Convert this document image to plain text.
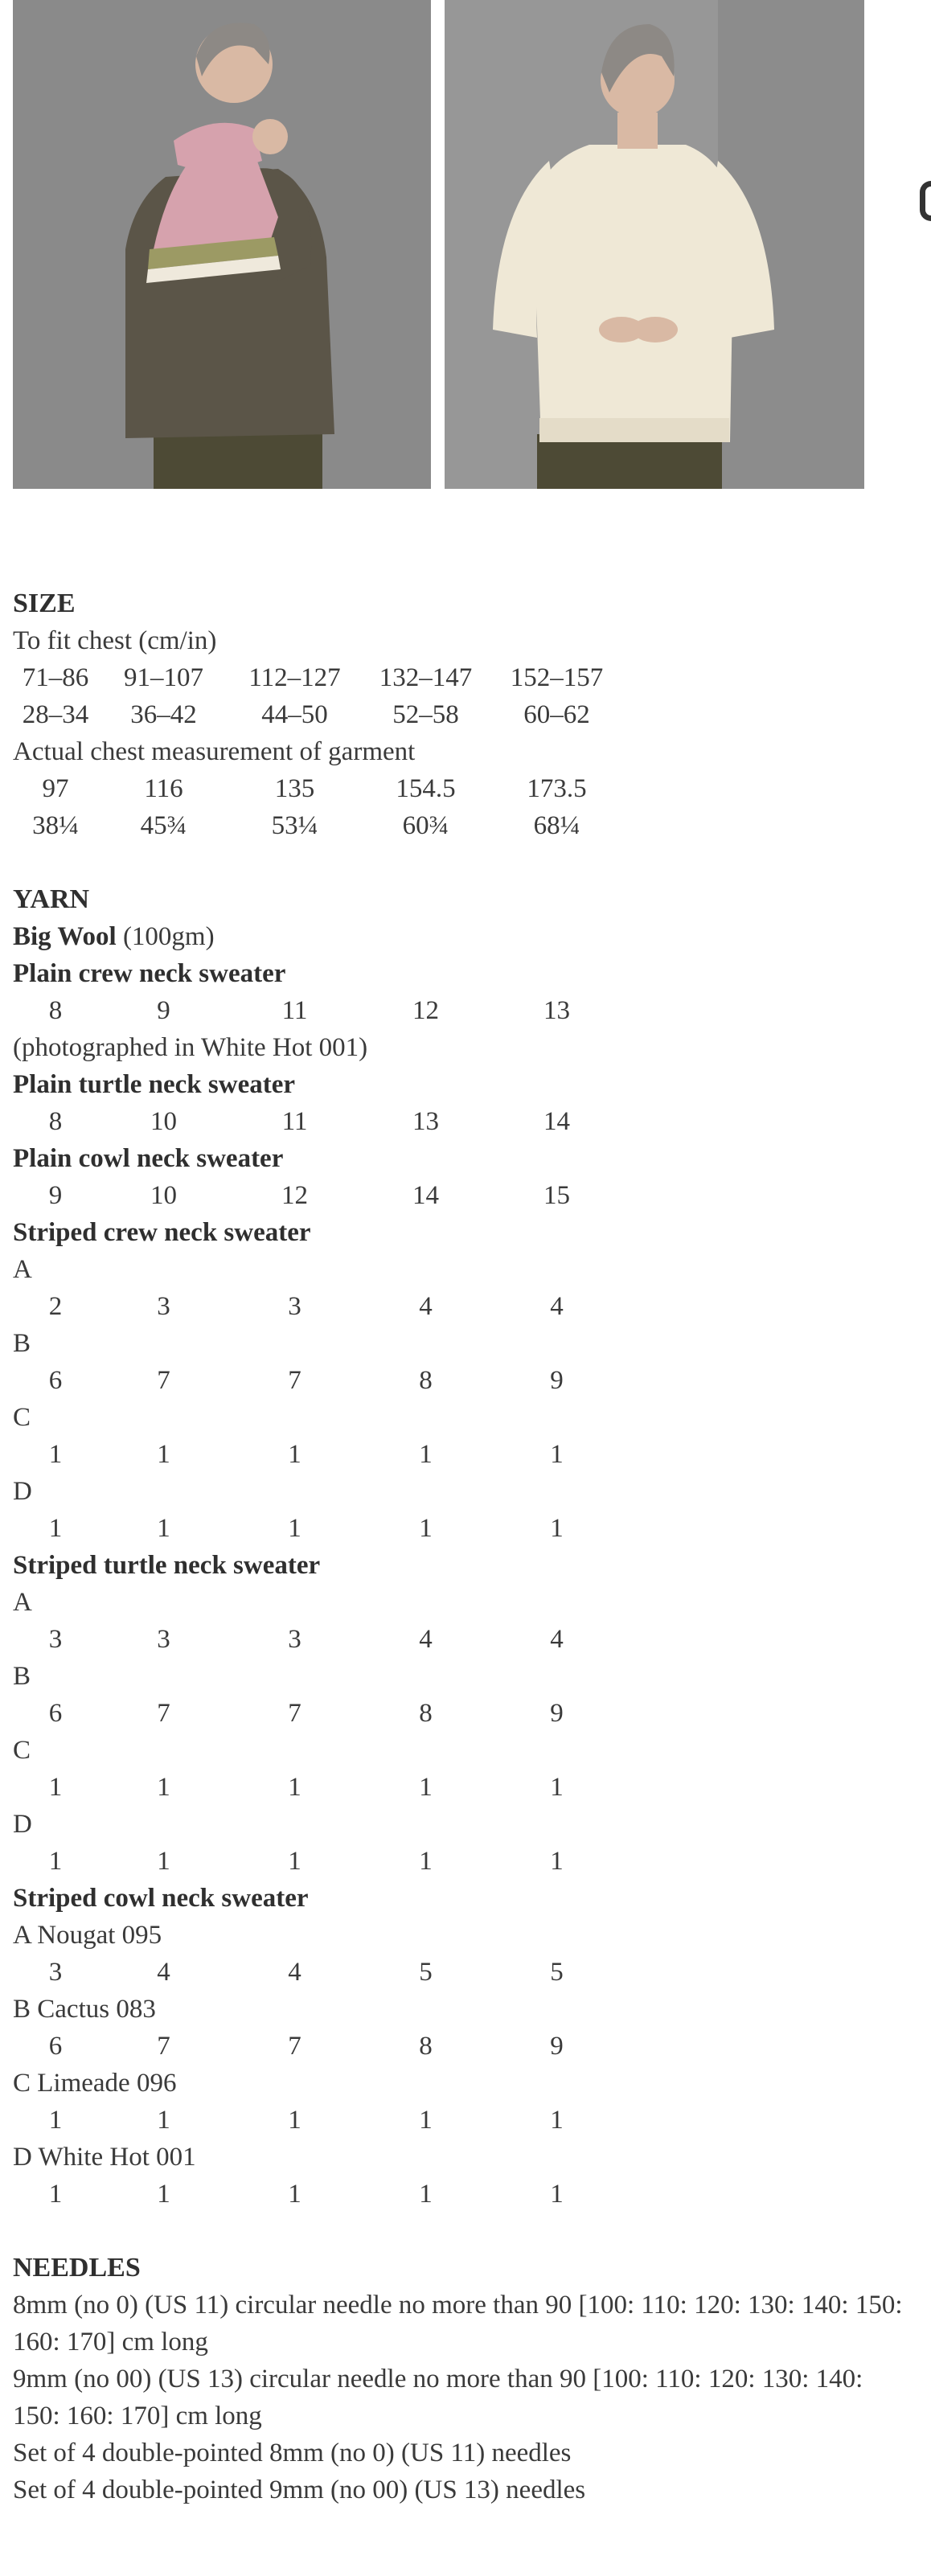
SIZE
To fit chest (cm/in)
71–86	91–107	112–127	132–147	152–157
28–34	36–42	44–50	52–58	60–62
Actual chest measurement of garment
97	116	135	154.5	173.5
38¼	45¾	53¼	60¾	68¼
YARN
Big Wool (100gm)
Plain crew neck sweater
8	9	11	12	13
(photographed in White Hot 001)
Plain turtle neck sweater
8	10	11	13	14
Plain cowl neck sweater
9	10	12	14	15
Striped crew neck sweater
A
2	3	3	4	4
B
6	7	7	8	9
C
1	1	1	1	1
D
1	1	1	1	1
Striped turtle neck sweater
A
3	3	3	4	4
B
6	7	7	8	9
C
1	1	1	1	1
D
1	1	1	1	1
Striped cowl neck sweater
A Nougat 095
3	4	4	5	5
B Cactus 083
6	7	7	8	9
C Limeade 096
1	1	1	1	1
D White Hot 001
1	1	1	1	1
NEEDLES
8mm (no 0) (US 11) circular needle no more than 90 [100: 110: 120: 130: 140: 150: 160: 170] cm long
9mm (no 00) (US 13) circular needle no more than 90 [100: 110: 120: 130: 140: 150: 160: 170] cm long
Set of 4 double-pointed 8mm (no 0) (US 11) needles
Set of 4 double-pointed 9mm (no 00) (US 13) needles
